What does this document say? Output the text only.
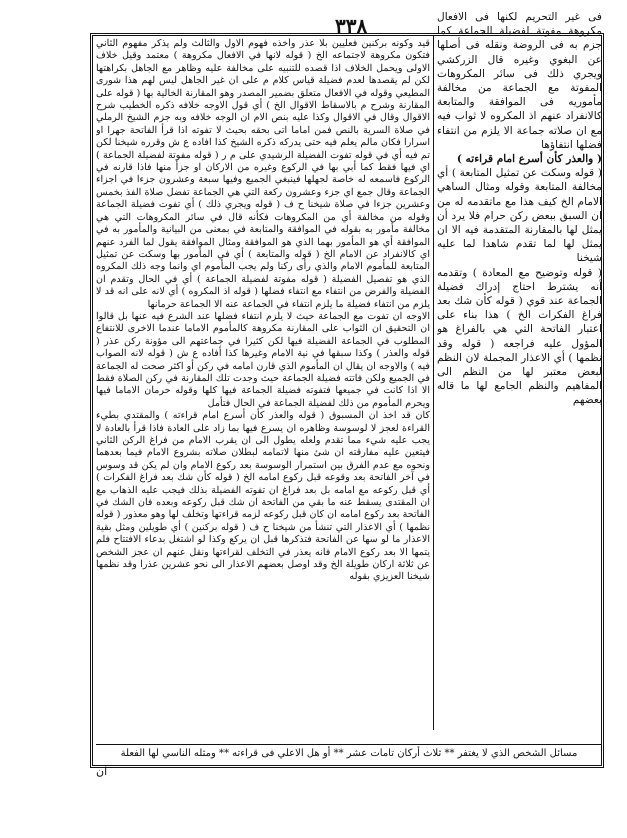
٣٣٨	فى غير التحريم لكنها فى الافعال مكروهة مفوتة لفضيلة الجماعة كما جزم به فى الروضة ونقله فى أصلها عن البغوي وغيره قال الزركشي ويجري ذلك فى سائر المكروهات المفوتة مع الجماعة من مخالفة مأموريه فى الموافقة والمتابعة كالانفراد عنهم اذ المكروه لا ثواب فيه مع ان صلاته جماعة الا يلزم من انتفاء فضلها انتفاؤها

( والعذر كأن أسرع امام قراءته )

( قوله وسكت عن تمثيل المتابعة ) أي مخالفة المتابعة وقوله ومثال الساهي الامام الخ كيف هذا مع ماتقدمه له من ان السبق ببعض ركن حرام فلا يرد أن يمثل لها بالمقارنة المتقدمة فيه الا ان يمثل لها لما تقدم شاهدا لما عليه شيخنا

( قوله وتوضيح مع المعادة ) وتقدمه أنه يشترط احتاج إدراك فضيلة الجماعة عند قوي ( قوله كأن شك بعد فراغ الفكرات الخ ) هذا بناء على اعتبار الفاتحة التي هي بالفراغ هو المؤول عليه فراجعه ( قوله وقد نظمها ) أي الاعذار المجملة لان النظم لبعض معتبر لها من النظم الى المفاهيم والنظم الجامع لها ما قاله بعضهم

قيد وكونه بركنين فعليين بلا عذر وأخذه فهوم الاول والثالث ولم يذكر مفهوم الثاني فتكون مكروهة لاجتماعه الخ ( قوله لانها في الافعال مكروهة ) معتمد وقيل خلاف الاولى ويحمل الخلاف اذا قصده للتنبيه على مخالفة عليه وظاهر مع الجاهل بكراهتها لكن لم يقصدها لعدم فضيلة قياس كلام م على ان غير الجاهل ليس لهم هذا شورى المطيعي وقوله في الافعال متعلق بضمير المصدر وهو المقارنة الخالية بها ( قوله على المقارنة وشرح م بالاسقاط الاقوال الخ ) أي قول الاوجه خلافه ذكره الخطيب شرح الاقوال وقال في الاقوال وكذا عليه بنص الام ان الوجه خلافه وبه جزم الشيخ الرملي في صلاة السرية بالنص فمن اماما اتى بحقه بحيث لا تفوته اذا قرأ الفاتحة جهرا او اسرارا فكان مالم يعلم فيه حتى يدركه ذكره الشيخ كذا افاده ع ش وقرره شيخنا لكن تم فيه أي في قوله تفوت الفضيلة الرشيدي على م ر ( قوله مفوتة لفضيلة الجماعة ) اي فيها فقط كما أبي بها في الركوع وغيره من الاركان او جزأ منها فاذا قارنه في الركوع فاسمعه له خاصة لجهلها فينبغي الجميع وفيها سبعة وعشرون جزءا في اجزاء الجماعة وقال جمع اي جزء وعشرون ركعة التي هي الجماعة تفضل صلاة الفذ بخمس وعشرين جزءا في صلاة شيخنا ح ف ( قوله ويجري ذلك ) أي تفوت فضيلة الجماعة وقوله من مخالفة أي من المكروهات فكأنه قال في سائر المكروهات التي هي مخالفة مأمور به بقوله في الموافقة والمتابعة في بمعنى من البيانية والمأمور به في الموافقة أي هو المأمور بهما الذي هو الموافقة ومثال الموافقة يقول لما الفرد عنهم اي كالانفراد عن الامام الخ ( قوله والمتابعة ) أي في المأمور بها وسكت عن تمثيل المتابعة للمأموم الامام والذي رأى ركنا ولم يجب المأموم اي وانما وجه ذلك المكروه الذي هو تفصيل الفضيلة ( قوله مفوتة لفضيلة الجماعة ) أي في الحال وتقدم ان الفضيلة والفرض من انتفاء مع انتفاء فضلها ( قوله اذ المكروه ) أي لانه على انه قد لا يلزم من انتفاء فضيلة ما يلزم انتفاء في الجماعة عنه الا الجماعة حرمانها

الاوجه ان تفوت مع الجماعة حيث لا يلزم انتفاء فضلها عند الشرع فيه عنها بل قالوا ان التحقيق ان الثواب على المقارنة مكروهة كالمأموم الاماما عندما الاخرى للانتفاع المطلوب في الجماعة الفضيلة فيها لكن كثيرا في جماعتهم الى مؤونة ركن عذر ( قوله والعذر ) وكذا سبقها في نية الامام وغيرها كذا أفاده ع ش ( قوله لانه الصواب فيه ) والاوجه ان يقال ان المأموم الذي قارن امامه في ركن أو اكثر صحت له الجماعة في الجميع ولكن فاتته فضيلة الجماعة حيث وجدت تلك المقارنة في ركن الصلاة فقط الا اذا كانت في جميعها فتفوته فضيلة الجماعة فيها كلها وقوله حرمان الاماما فيها ويحرم المأموم من ذلك لفضيلة الجماعة في الحال فتأمل

كان قد اخذ ان المسبوق ( قوله والعذر كأن أسرع امام قراءته ) والمقتدي بطيء القراءة لعجز لا لوسوسة وظاهره ان يسرع فيها بما زاد على العادة فاذا قرأ بالعادة لا يجب عليه شيء مما تقدم ولعله يطول الى ان يقرب الامام من فراغ الركن الثاني فيتعين عليه مفارقته ان شئ منها لاتمامه لبطلان صلاته بشروع الامام فيما بعدهما ونحوه مع عدم الفرق بين استمرار الوسوسة بعد ركوع الامام وان لم يكن قد وسوس في آخر الفاتحة بعد وقوعه قبل ركوع امامه الخ ( قوله كأن شك بعد فراغ الفكرات ) أي قبل ركوعه مع امامه بل بعد فراغ ان تفوته الفضيلة بذلك فيجب عليه الذهاب مع ان المقتدى يسقط عنه ما بقي من الفاتحة ان شك قبل ركوعه وبعده فان الشك في الفاتحة بعد ركوع امامه ان كان قبل ركوعه لزمه قراءتها وتخلف لها وهو معذور ( قوله نظمها ) أي الاعذار التي تنشأ من شيخنا ح ف ( قوله بركنين ) أي طويلين ومثل بقية الاعذار ما لو سها عن الفاتحة فتذكرها قبل ان يركع وكذا لو اشتغل بدعاء الافتتاح فلم يتمها الا بعد ركوع الامام فانه يعذر في التخلف لقراءتها ونقل عنهم ان عجز الشخص عن ثلاثة اركان طويلة الخ وقد اوصل بعضهم الاعذار الى نحو عشرين عذرا وقد نظمها شيخنا العزيزي بقوله

مسائل الشخص الذي لا يغتفر ** ثلاث أركان تامات عشر ** أو هل الاعلي فى قراءته ** ومثله الناسي لها الفعلة
ان
